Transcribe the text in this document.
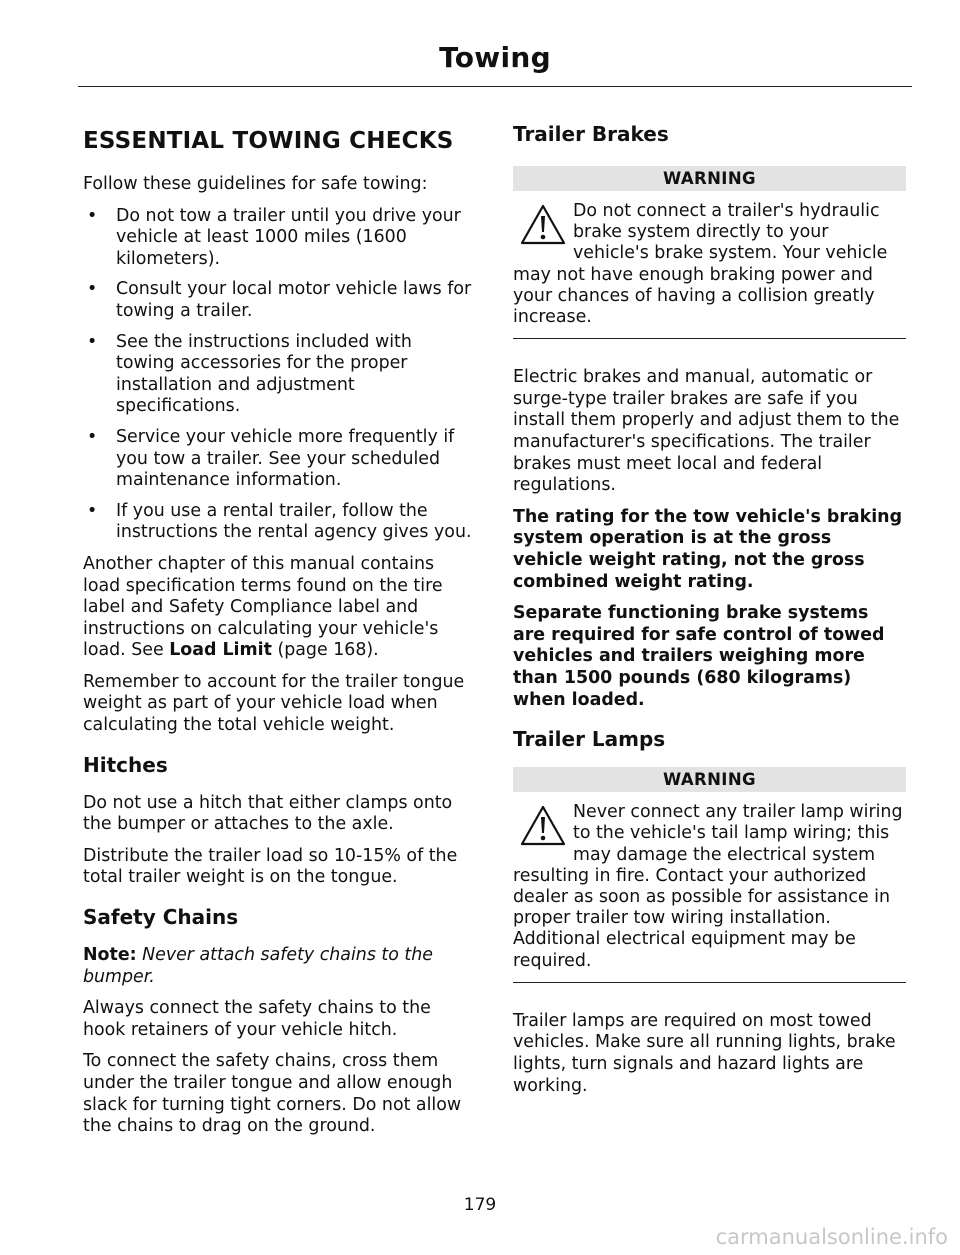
Towing
ESSENTIAL TOWING CHECKS

Follow these guidelines for safe towing:

• Do not tow a trailer until you drive your vehicle at least 1000 miles (1600 kilometers).
• Consult your local motor vehicle laws for towing a trailer.
• See the instructions included with towing accessories for the proper installation and adjustment specifications.
• Service your vehicle more frequently if you tow a trailer. See your scheduled maintenance information.
• If you use a rental trailer, follow the instructions the rental agency gives you.

Another chapter of this manual contains load specification terms found on the tire label and Safety Compliance label and instructions on calculating your vehicle's load. See Load Limit (page 168).

Remember to account for the trailer tongue weight as part of your vehicle load when calculating the total vehicle weight.

Hitches

Do not use a hitch that either clamps onto the bumper or attaches to the axle.

Distribute the trailer load so 10-15% of the total trailer weight is on the tongue.

Safety Chains

Note: Never attach safety chains to the bumper.

Always connect the safety chains to the hook retainers of your vehicle hitch.

To connect the safety chains, cross them under the trailer tongue and allow enough slack for turning tight corners. Do not allow the chains to drag on the ground.

Trailer Brakes
WARNING
Do not connect a trailer's hydraulic brake system directly to your vehicle's brake system. Your vehicle may not have enough braking power and your chances of having a collision greatly increase.

Electric brakes and manual, automatic or surge-type trailer brakes are safe if you install them properly and adjust them to the manufacturer's specifications. The trailer brakes must meet local and federal regulations.

The rating for the tow vehicle's braking system operation is at the gross vehicle weight rating, not the gross combined weight rating.

Separate functioning brake systems are required for safe control of towed vehicles and trailers weighing more than 1500 pounds (680 kilograms) when loaded.

Trailer Lamps
WARNING
Never connect any trailer lamp wiring to the vehicle's tail lamp wiring; this may damage the electrical system resulting in fire. Contact your authorized dealer as soon as possible for assistance in proper trailer tow wiring installation. Additional electrical equipment may be required.

Trailer lamps are required on most towed vehicles. Make sure all running lights, brake lights, turn signals and hazard lights are working.

179
carmanualsonline.info
